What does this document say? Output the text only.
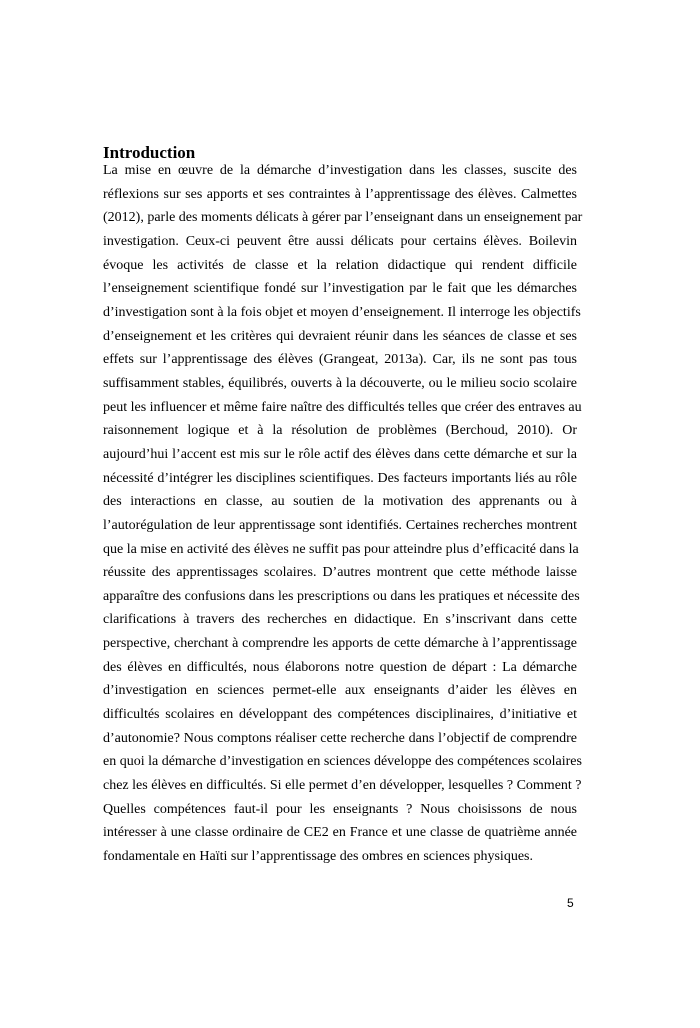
Introduction
La mise en œuvre de la démarche d’investigation dans les classes, suscite des
réflexions sur ses apports et ses contraintes à l’apprentissage des élèves. Calmettes
(2012), parle des moments délicats à gérer par l’enseignant dans un enseignement par
investigation. Ceux-ci peuvent être aussi délicats pour certains élèves. Boilevin
évoque les activités de classe et la relation didactique qui rendent difficile
l’enseignement scientifique fondé sur l’investigation par le fait que les démarches
d’investigation sont à la fois objet et moyen d’enseignement. Il interroge les objectifs
d’enseignement et les critères qui devraient réunir dans les séances de classe et ses
effets sur l’apprentissage des élèves (Grangeat, 2013a). Car, ils ne sont pas tous
suffisamment stables, équilibrés, ouverts à la découverte, ou le milieu socio scolaire
peut les influencer et même faire naître des difficultés telles que créer des entraves au
raisonnement logique et à la résolution de problèmes (Berchoud, 2010). Or
aujourd’hui l’accent est mis sur le rôle actif des élèves dans cette démarche et sur la
nécessité d’intégrer les disciplines scientifiques. Des facteurs importants liés au rôle
des interactions en classe, au soutien de la motivation des apprenants ou à
l’autorégulation de leur apprentissage sont identifiés. Certaines recherches montrent
que la mise en activité des élèves ne suffit pas pour atteindre plus d’efficacité dans la
réussite des apprentissages scolaires. D’autres montrent que cette méthode laisse
apparaître des confusions dans les prescriptions ou dans les pratiques et nécessite des
clarifications à travers des recherches en didactique. En s’inscrivant dans cette
perspective, cherchant à comprendre les apports de cette démarche à l’apprentissage
des élèves en difficultés, nous élaborons notre question de départ : La démarche
d’investigation en sciences permet-elle aux enseignants d’aider les élèves en
difficultés scolaires en développant des compétences disciplinaires, d’initiative et
d’autonomie? Nous comptons réaliser cette recherche dans l’objectif de comprendre
en quoi la démarche d’investigation en sciences développe des compétences scolaires
chez les élèves en difficultés. Si elle permet d’en développer, lesquelles ? Comment ?
Quelles compétences faut-il pour les enseignants ? Nous choisissons de nous
intéresser à une classe ordinaire de CE2 en France et une classe de quatrième année
fondamentale en Haïti sur l’apprentissage des ombres en sciences physiques.

5
